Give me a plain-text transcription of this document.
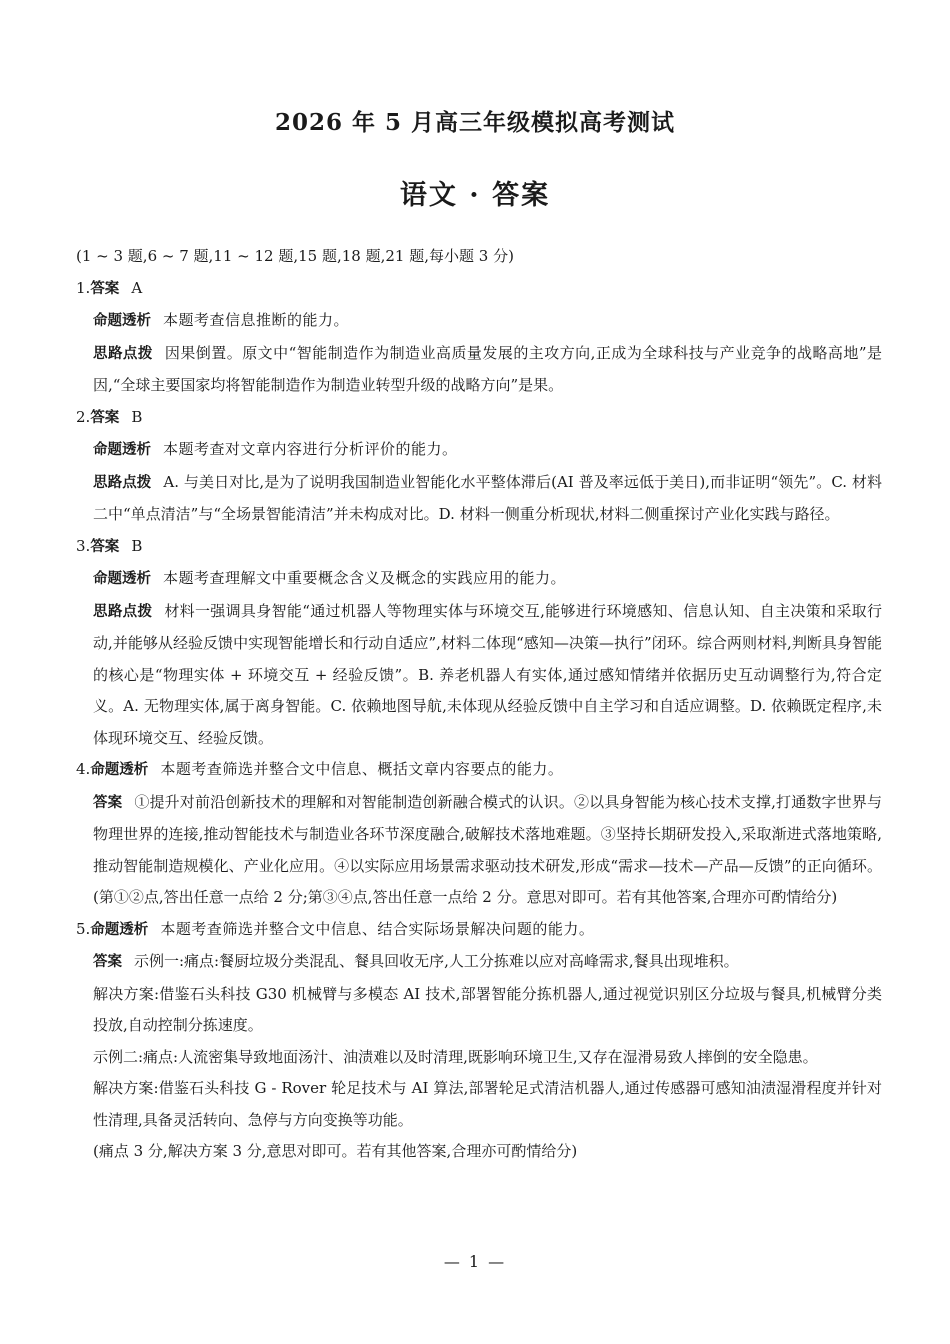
2026 年 5 月高三年级模拟高考测试
语文 · 答案

(1 ~ 3 题,6 ~ 7 题,11 ~ 12 题,15 题,18 题,21 题,每小题 3 分)

1.答案 A

命题透析 本题考查信息推断的能力。

思路点拨 因果倒置。原文中“智能制造作为制造业高质量发展的主攻方向,正成为全球科技与产业竞争的战略高地”是因,“全球主要国家均将智能制造作为制造业转型升级的战略方向”是果。

2.答案 B

命题透析 本题考查对文章内容进行分析评价的能力。

思路点拨 A. 与美日对比,是为了说明我国制造业智能化水平整体滞后(AI 普及率远低于美日),而非证明“领先”。C. 材料二中“单点清洁”与“全场景智能清洁”并未构成对比。D. 材料一侧重分析现状,材料二侧重探讨产业化实践与路径。

3.答案 B

命题透析 本题考查理解文中重要概念含义及概念的实践应用的能力。

思路点拨 材料一强调具身智能“通过机器人等物理实体与环境交互,能够进行环境感知、信息认知、自主决策和采取行动,并能够从经验反馈中实现智能增长和行动自适应”,材料二体现“感知—决策—执行”闭环。综合两则材料,判断具身智能的核心是“物理实体 + 环境交互 + 经验反馈”。B. 养老机器人有实体,通过感知情绪并依据历史互动调整行为,符合定义。A. 无物理实体,属于离身智能。C. 依赖地图导航,未体现从经验反馈中自主学习和自适应调整。D. 依赖既定程序,未体现环境交互、经验反馈。

4.命题透析 本题考查筛选并整合文中信息、概括文章内容要点的能力。

答案 ①提升对前沿创新技术的理解和对智能制造创新融合模式的认识。②以具身智能为核心技术支撑,打通数字世界与物理世界的连接,推动智能技术与制造业各环节深度融合,破解技术落地难题。③坚持长期研发投入,采取渐进式落地策略,推动智能制造规模化、产业化应用。④以实际应用场景需求驱动技术研发,形成“需求—技术—产品—反馈”的正向循环。(第①②点,答出任意一点给 2 分;第③④点,答出任意一点给 2 分。意思对即可。若有其他答案,合理亦可酌情给分)

5.命题透析 本题考查筛选并整合文中信息、结合实际场景解决问题的能力。

答案 示例一:痛点:餐厨垃圾分类混乱、餐具回收无序,人工分拣难以应对高峰需求,餐具出现堆积。

解决方案:借鉴石头科技 G30 机械臂与多模态 AI 技术,部署智能分拣机器人,通过视觉识别区分垃圾与餐具,机械臂分类投放,自动控制分拣速度。

示例二:痛点:人流密集导致地面汤汁、油渍难以及时清理,既影响环境卫生,又存在湿滑易致人摔倒的安全隐患。

解决方案:借鉴石头科技 G - Rover 轮足技术与 AI 算法,部署轮足式清洁机器人,通过传感器可感知油渍湿滑程度并针对性清理,具备灵活转向、急停与方向变换等功能。

(痛点 3 分,解决方案 3 分,意思对即可。若有其他答案,合理亦可酌情给分)

— 1 —
